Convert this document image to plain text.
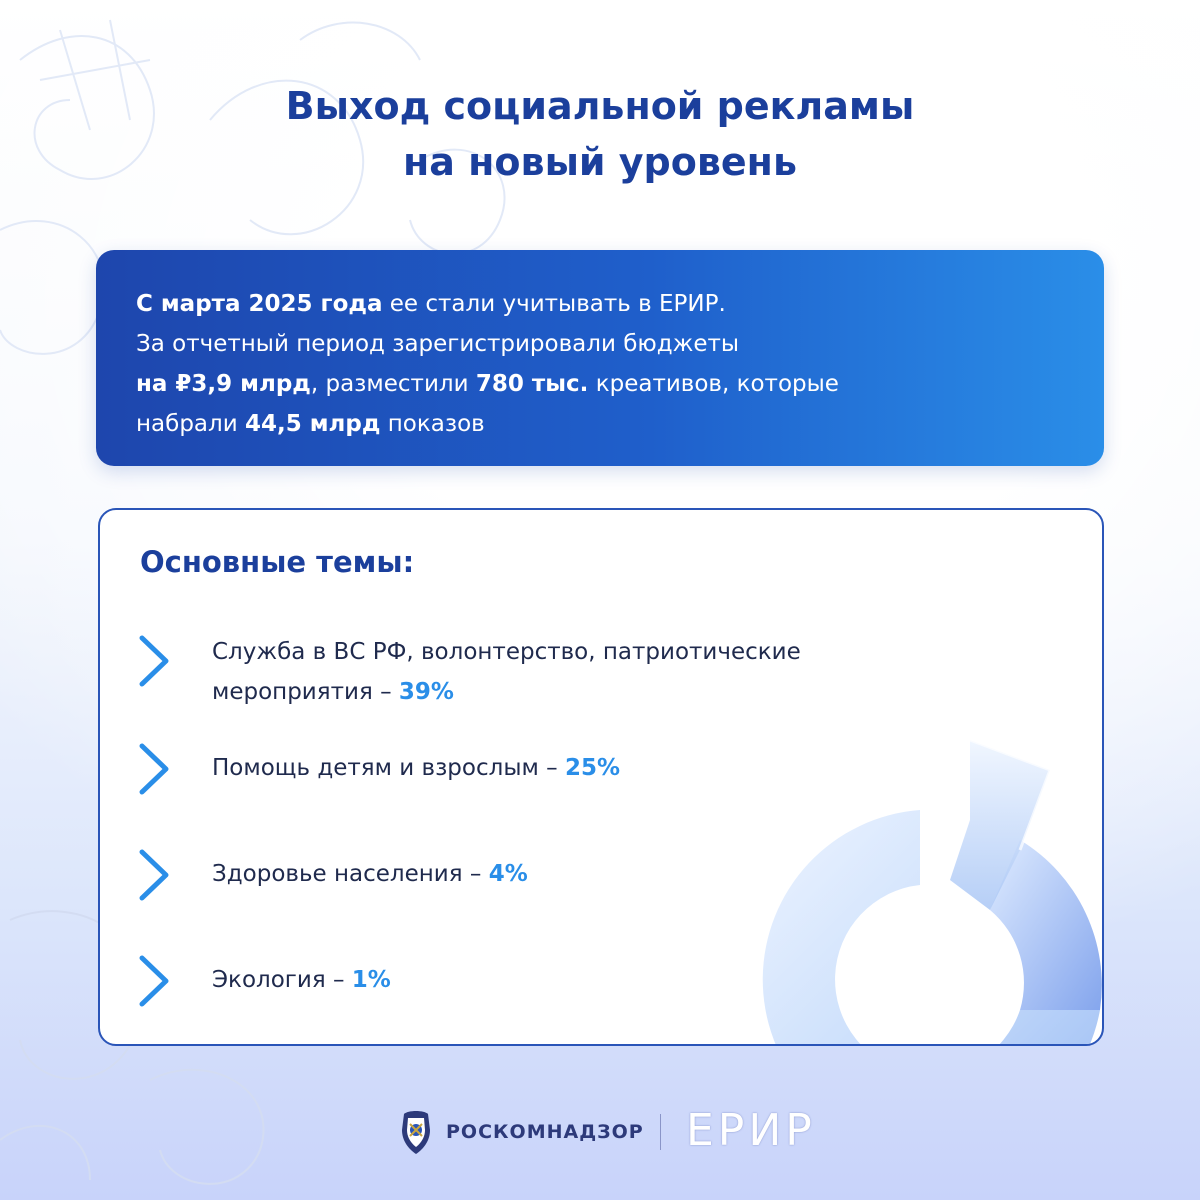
Выход социальной рекламы
на новый уровень
С марта 2025 года ее стали учитывать в ЕРИР.
За отчетный период зарегистрировали бюджеты
на ₽3,9 млрд, разместили 780 тыс. креативов, которые
набрали 44,5 млрд показов
Основные темы:
Служба в ВС РФ, волонтерство, патриотические
мероприятия – 39%
Помощь детям и взрослым – 25%
Здоровье населения – 4%
Экология – 1%
РОСКОМНАДЗОР ЕРИР
